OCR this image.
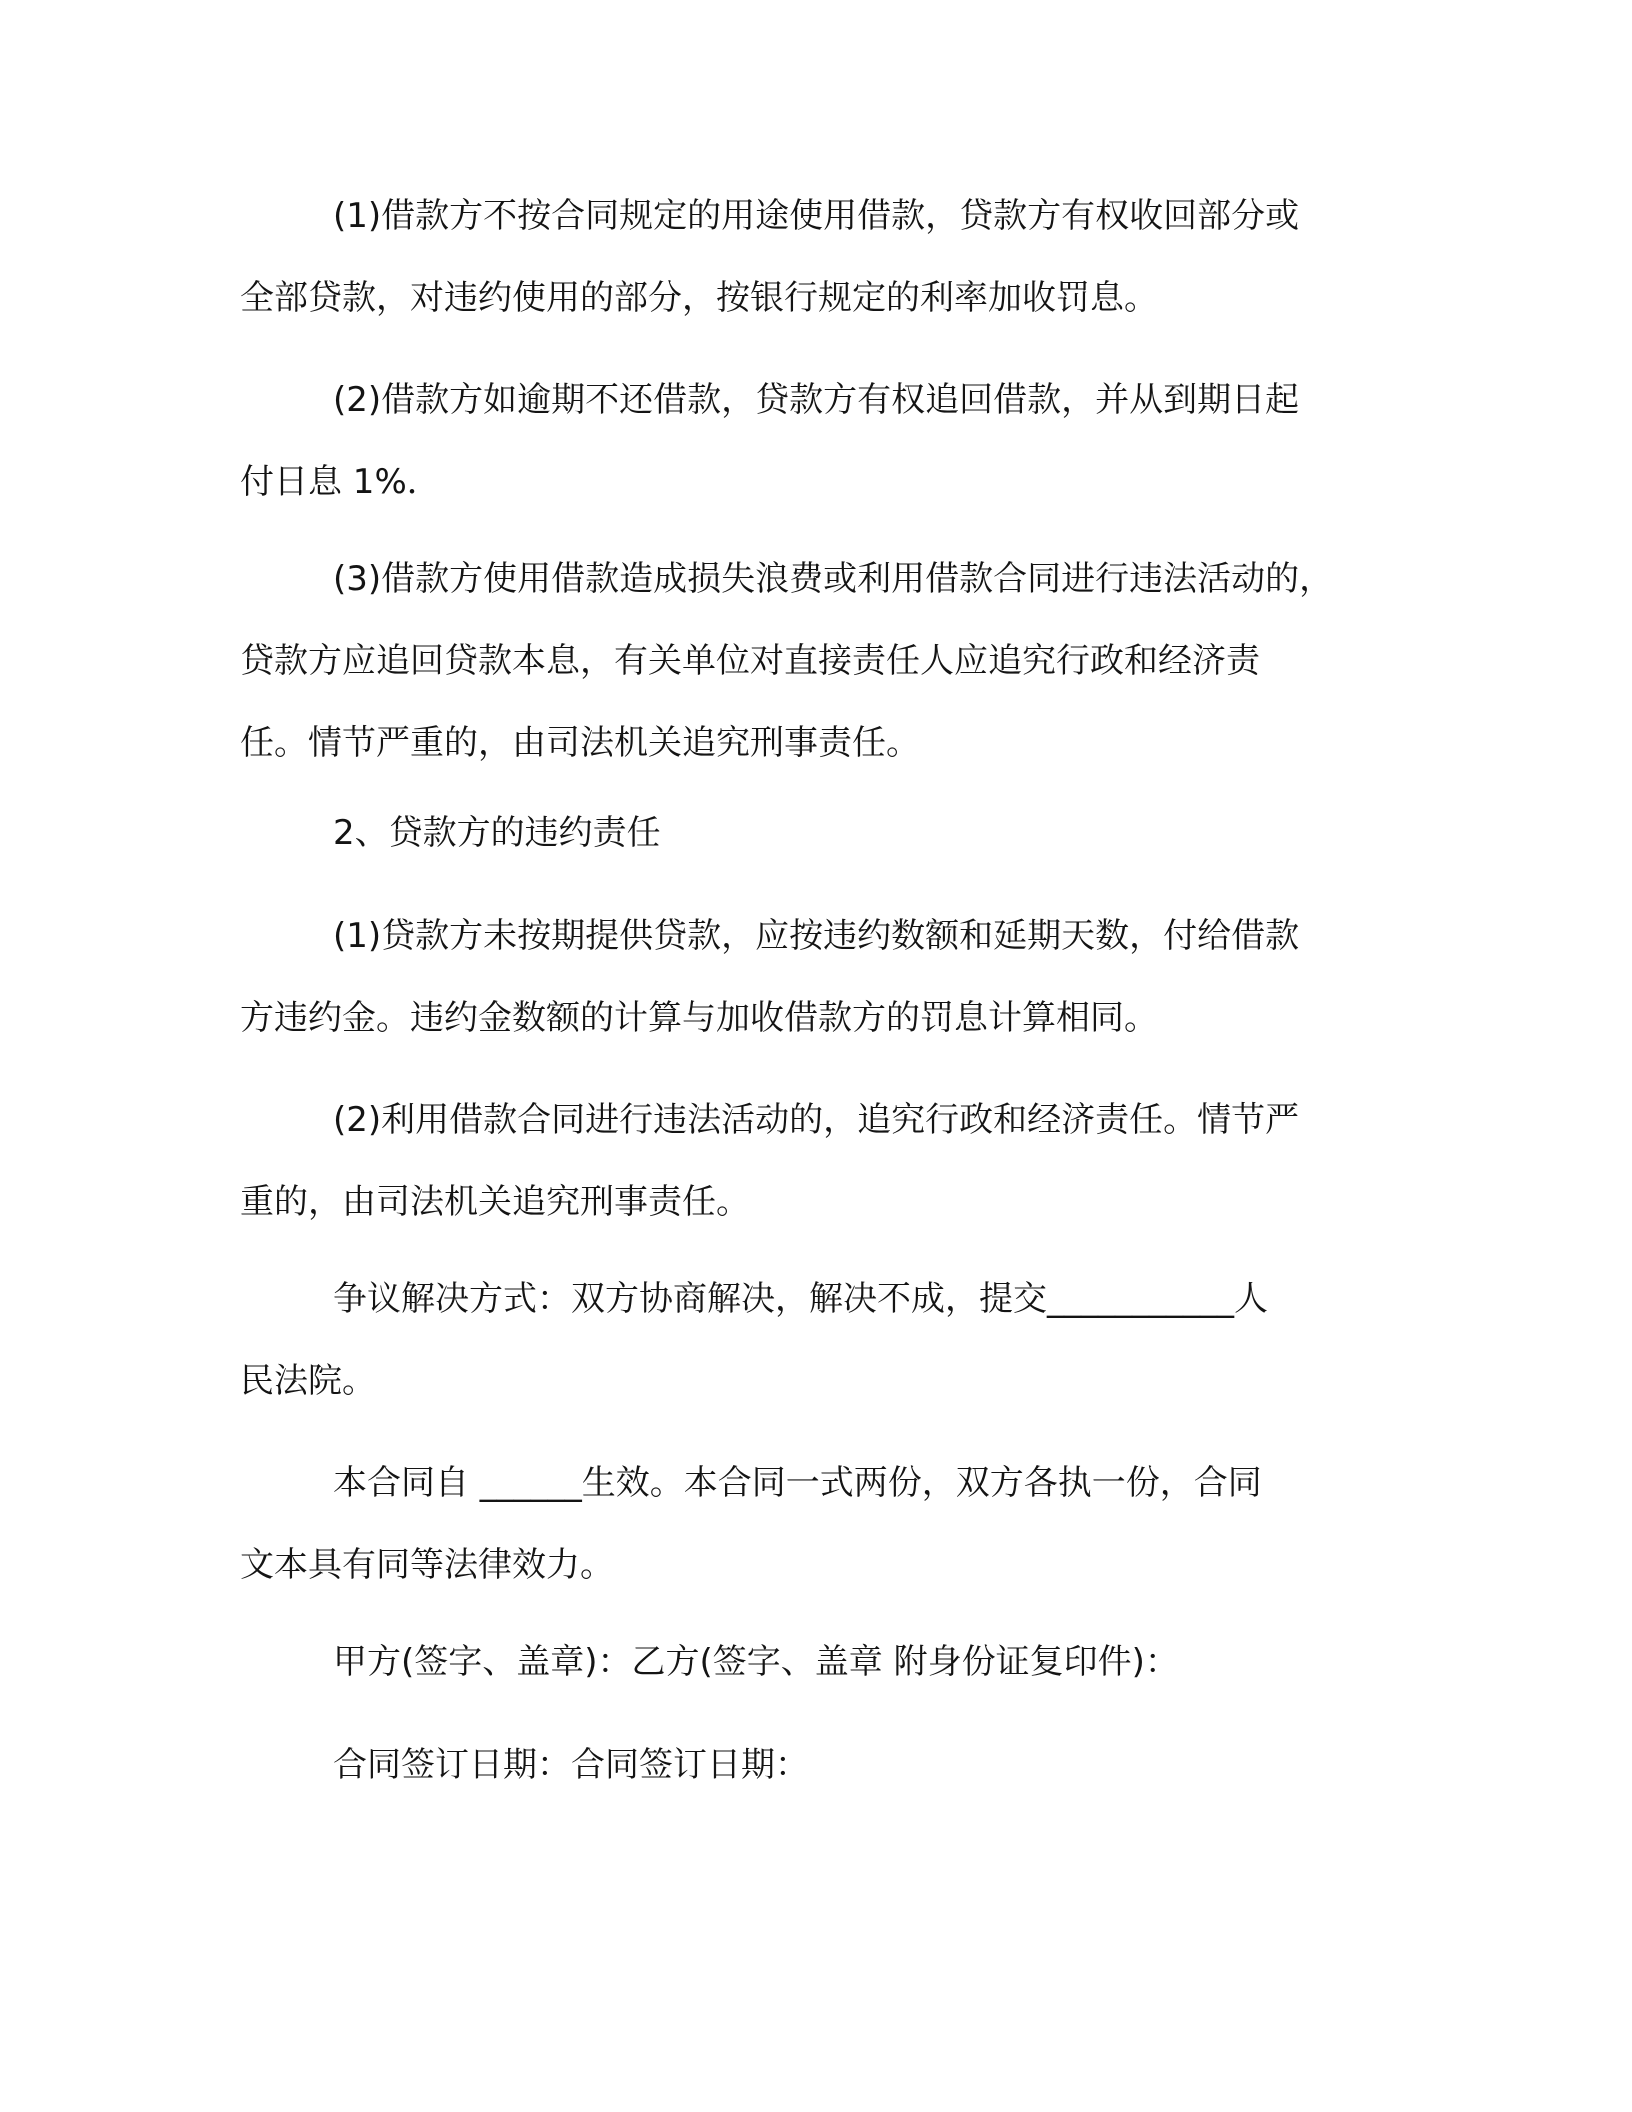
(1)借款方不按合同规定的用途使用借款，贷款方有权收回部分或
全部贷款，对违约使用的部分，按银行规定的利率加收罚息。
(2)借款方如逾期不还借款，贷款方有权追回借款，并从到期日起
付日息 1%．
(3)借款方使用借款造成损失浪费或利用借款合同进行违法活动的，
贷款方应追回贷款本息，有关单位对直接责任人应追究行政和经济责
任。情节严重的，由司法机关追究刑事责任。
2、贷款方的违约责任
(1)贷款方未按期提供贷款，应按违约数额和延期天数，付给借款
方违约金。违约金数额的计算与加收借款方的罚息计算相同。
(2)利用借款合同进行违法活动的，追究行政和经济责任。情节严
重的，由司法机关追究刑事责任。
争议解决方式：双方协商解决，解决不成，提交___________人
民法院。
本合同自 ______生效。本合同一式两份，双方各执一份，合同
文本具有同等法律效力。
甲方(签字、盖章)：乙方(签字、盖章 附身份证复印件)：
合同签订日期：合同签订日期：
